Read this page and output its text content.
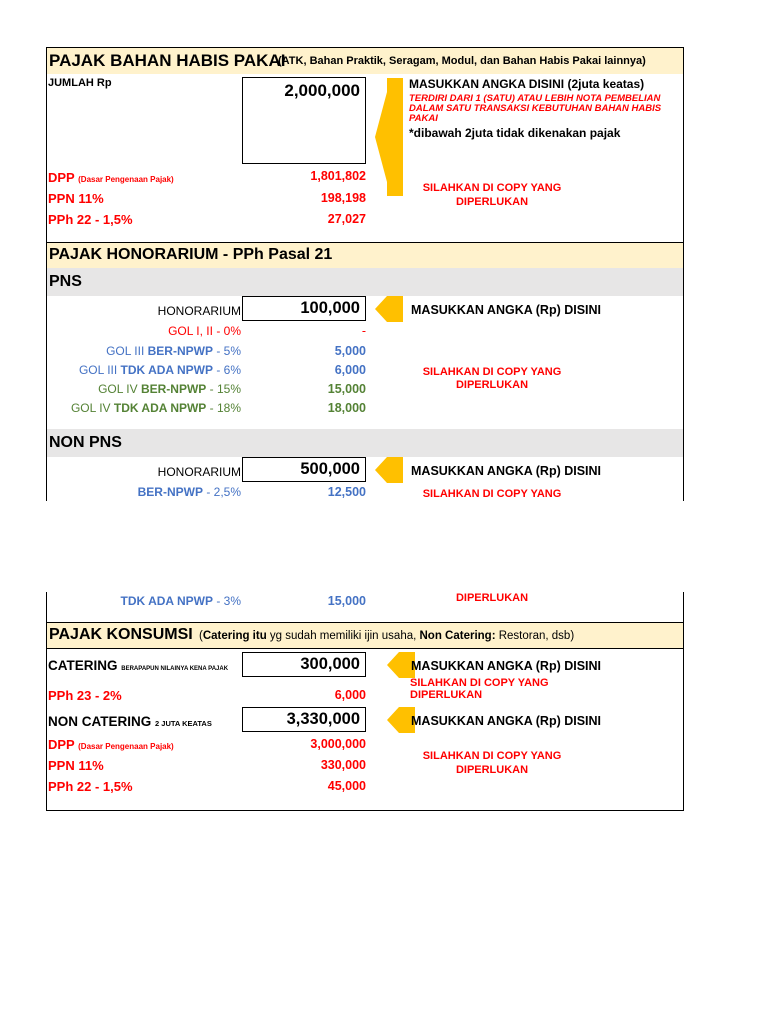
PAJAK BAHAN HABIS PAKAI
(ATK, Bahan Praktik, Seragam, Modul, dan Bahan Habis Pakai lainnya)
JUMLAH Rp	2,000,000	MASUKKAN ANGKA DISINI (2juta keatas)
TERDIRI DARI 1 (SATU) ATAU LEBIH NOTA PEMBELIAN
DALAM SATU TRANSAKSI KEBUTUHAN BAHAN HABIS
PAKAI
*dibawah 2juta tidak dikenakan pajak
DPP (Dasar Pengenaan Pajak)	1,801,802
PPN 11%	198,198
PPh 22 - 1,5%	27,027
SILAHKAN DI COPY YANG
DIPERLUKAN
PAJAK HONORARIUM - PPh Pasal 21
PNS
HONORARIUM	100,000	MASUKKAN ANGKA (Rp) DISINI
GOL I, II - 0%	-
GOL III BER-NPWP - 5%	5,000
GOL III TDK ADA NPWP - 6%	6,000
GOL IV BER-NPWP - 15%	15,000
GOL IV TDK ADA NPWP - 18%	18,000
SILAHKAN DI COPY YANG
DIPERLUKAN
NON PNS
HONORARIUM	500,000	MASUKKAN ANGKA (Rp) DISINI
BER-NPWP - 2,5%	12,500	SILAHKAN DI COPY YANG
TDK ADA NPWP - 3%	15,000	DIPERLUKAN
PAJAK KONSUMSI (Catering itu yg sudah memiliki ijin usaha, Non Catering: Restoran, dsb)
CATERING BERAPAPUN NILAINYA KENA PAJAK	300,000	MASUKKAN ANGKA (Rp) DISINI
SILAHKAN DI COPY YANG
DIPERLUKAN
PPh 23 - 2%	6,000
NON CATERING 2 JUTA KEATAS	3,330,000	MASUKKAN ANGKA (Rp) DISINI
DPP (Dasar Pengenaan Pajak)	3,000,000
PPN 11%	330,000
PPh 22 - 1,5%	45,000
SILAHKAN DI COPY YANG
DIPERLUKAN
